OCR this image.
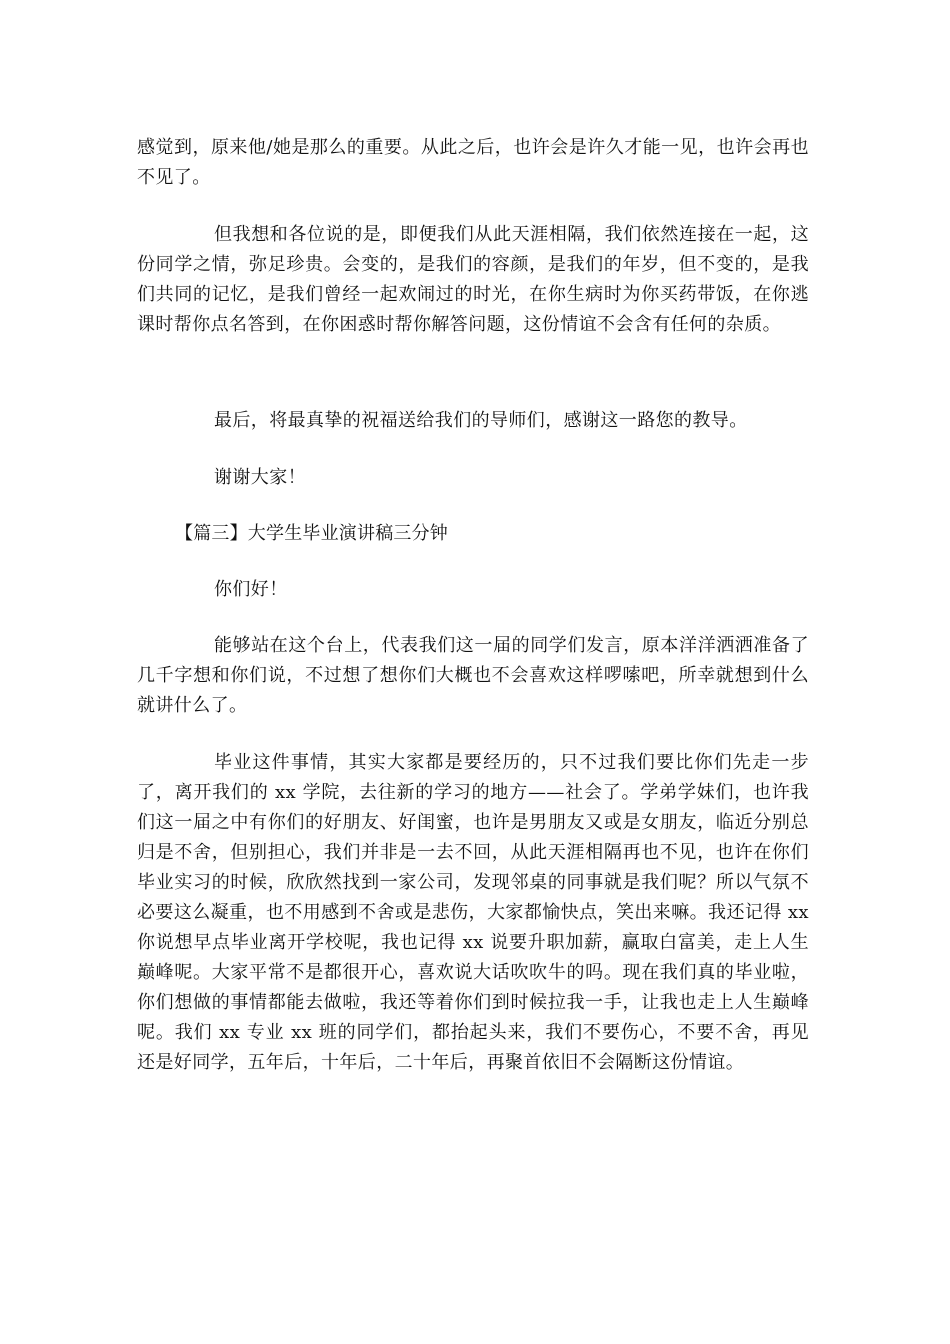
感觉到，原来他/她是那么的重要。从此之后，也许会是许久才能一见，也许会再也不见了。

但我想和各位说的是，即便我们从此天涯相隔，我们依然连接在一起，这份同学之情，弥足珍贵。会变的，是我们的容颜，是我们的年岁，但不变的，是我们共同的记忆，是我们曾经一起欢闹过的时光，在你生病时为你买药带饭，在你逃课时帮你点名答到，在你困惑时帮你解答问题，这份情谊不会含有任何的杂质。

最后，将最真挚的祝福送给我们的导师们，感谢这一路您的教导。

谢谢大家！

【篇三】大学生毕业演讲稿三分钟

你们好！

能够站在这个台上，代表我们这一届的同学们发言，原本洋洋洒洒准备了几千字想和你们说，不过想了想你们大概也不会喜欢这样啰嗦吧，所幸就想到什么就讲什么了。

毕业这件事情，其实大家都是要经历的，只不过我们要比你们先走一步了，离开我们的 xx 学院，去往新的学习的地方——社会了。学弟学妹们，也许我们这一届之中有你们的好朋友、好闺蜜，也许是男朋友又或是女朋友，临近分别总归是不舍，但别担心，我们并非是一去不回，从此天涯相隔再也不见，也许在你们毕业实习的时候，欣欣然找到一家公司，发现邻桌的同事就是我们呢？所以气氛不必要这么凝重，也不用感到不舍或是悲伤，大家都愉快点，笑出来嘛。我还记得 xx 你说想早点毕业离开学校呢，我也记得 xx 说要升职加薪，赢取白富美，走上人生巅峰呢。大家平常不是都很开心，喜欢说大话吹吹牛的吗。现在我们真的毕业啦，你们想做的事情都能去做啦，我还等着你们到时候拉我一手，让我也走上人生巅峰呢。我们 xx 专业 xx 班的同学们，都抬起头来，我们不要伤心，不要不舍，再见还是好同学，五年后，十年后，二十年后，再聚首依旧不会隔断这份情谊。
